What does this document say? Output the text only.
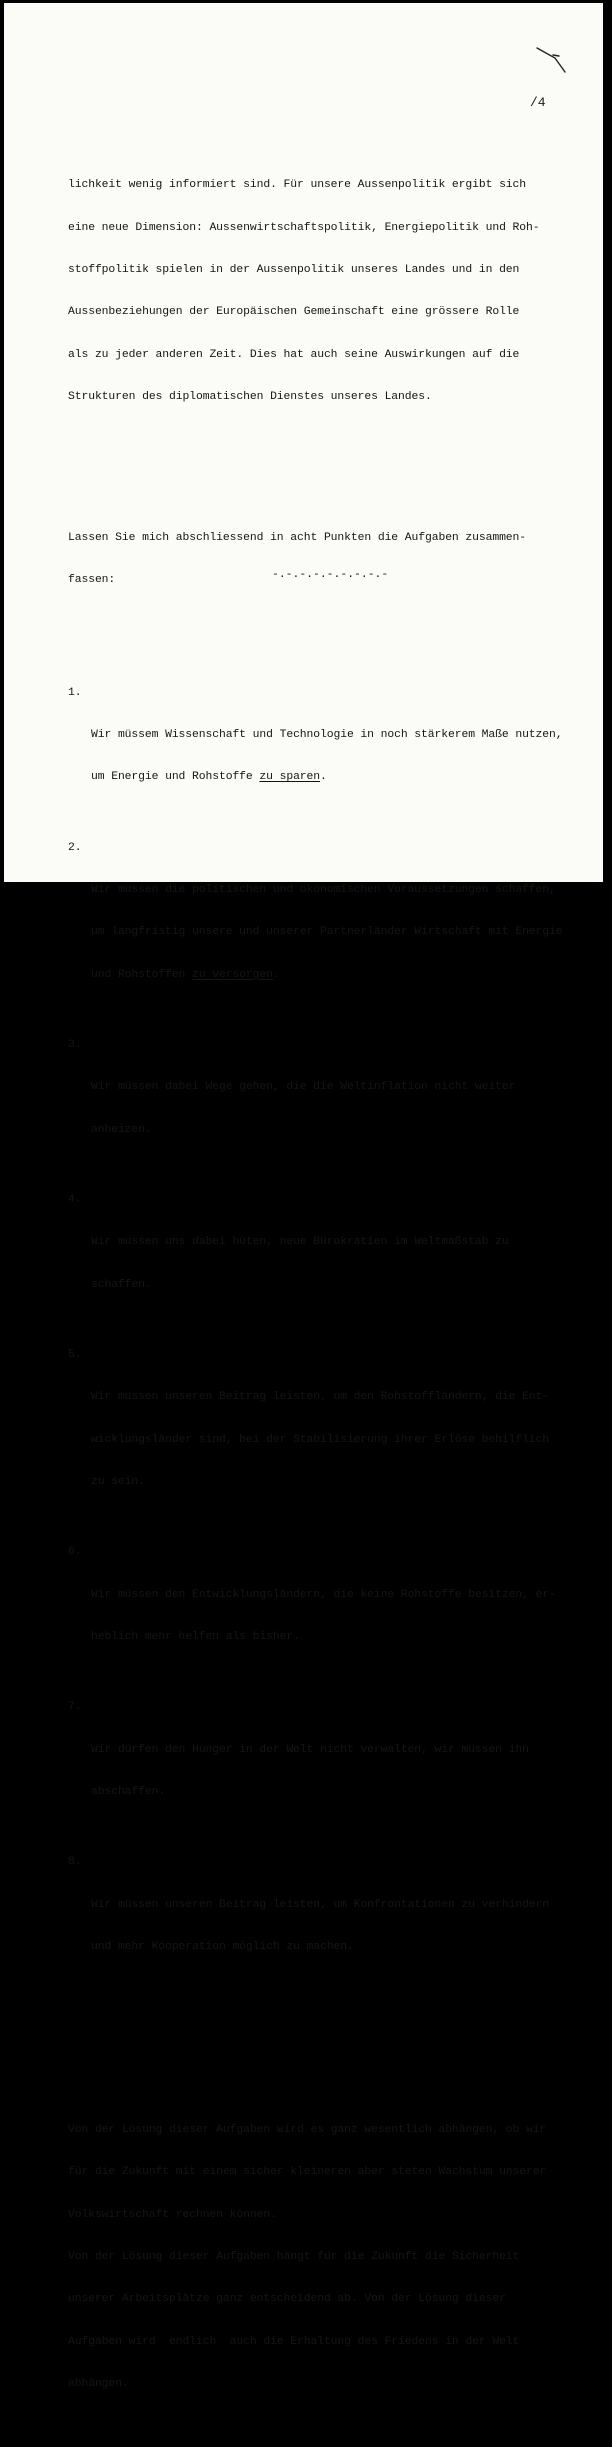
/4

lichkeit wenig informiert sind. Für unsere Aussenpolitik ergibt sich

eine neue Dimension: Aussenwirtschaftspolitik, Energiepolitik und Roh-

stoffpolitik spielen in der Aussenpolitik unseres Landes und in den

Aussenbeziehungen der Europäischen Gemeinschaft eine grössere Rolle

als zu jeder anderen Zeit. Dies hat auch seine Auswirkungen auf die

Strukturen des diplomatischen Dienstes unseres Landes.

Lassen Sie mich abschliessend in acht Punkten die Aufgaben zusammen-

fassen:

1.

Wir müssem Wissenschaft und Technologie in noch stärkerem Maße nutzen,

um Energie und Rohstoffe zu sparen.

2.

Wir müssen die politischen und ökonomischen Voraussetzungen schaffen,

um langfristig unsere und unserer Partnerländer Wirtschaft mit Energie

und Rohstoffen zu versorgen.

3.

Wir müssen dabei Wege gehen, die die Weltinflation nicht weiter

anheizen.

4.

Wir müssen uns dabei hüten, neue Bürokratien im Weltmaßstab zu

schaffen.

5.

Wir müssen unseren Beitrag leisten, um den Rohstoffländern, die Ent-

wicklungsländer sind, bei der Stabilisierung ihrer Erlöse behilflich

zu sein.

6.

Wir müssen den Entwicklungsländern, die keine Rohstoffe besitzen, er-

heblich mehr helfen als bisher.

7.

Wir dürfen den Hunger in der Welt nicht verwalten, wir müssen ihn

abschaffen.

8.

Wir müssen unseren Beitrag leisten, um Konfrontationen zu verhindern

und mehr Kooperation möglich zu machen.

Von der Lösung dieser Aufgaben wird es ganz wesentlich abhängen, ob wir

für die Zukunft mit einem sicher kleineren aber steten Wachstum unserer

Volkswirtschaft rechnen können.

Von der Lösung dieser Aufgaben hängt für die Zukunft die Sicherheit

unserer Arbeitsplätze ganz entscheidend ab. Von der Lösung dieser

Aufgaben wird  endlich  auch die Erhaltung des Friedens in der Welt

abhängen.

-.-.-.-.-.-.-.-.-
